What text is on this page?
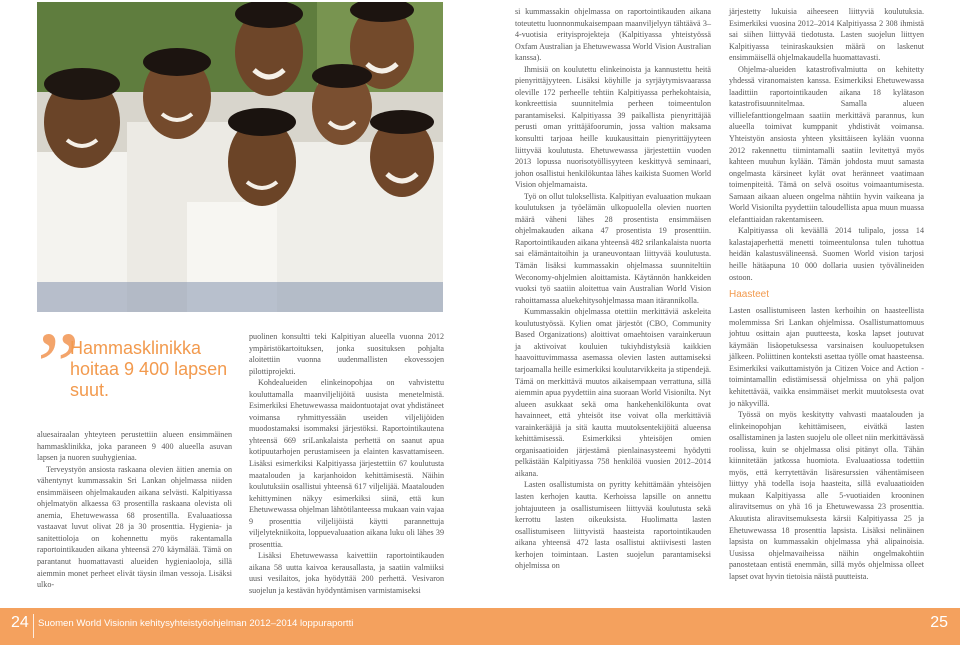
”
Hammasklinikka hoitaa 9 400 lapsen suut.

aluesairaalan yhteyteen perustettiin alueen ensimmäinen hammasklinikka, joka paraneen 9 400 alueella asuvan lapsen ja nuoren suuhygieniaa.

Terveystyön ansiosta raskaana olevien äitien anemia on vähentynyt kummassakin Sri Lankan ohjelmassa niiden ensimmäiseen ohjelmakauden aikana selvästi. Kalpitiyassa ohjelmatyön alkaessa 63 prosentilla raskaana olevista oli anemia, Ehetuwewassa 68 prosentilla. Evaluaatiossa vastaavat luvut olivat 28 ja 30 prosenttia. Hygienia- ja sanitettioloja on kohennettu myös rakentamalla raportointikauden aikana yhteensä 270 käymälää. Tämä on parantanut huomattavasti alueiden hygieniaoloja, sillä aiemmin monet perheet elivät täysin ilman vessoja. Lisäksi ulko-

puolinen konsultti teki Kalpitiyan alueella vuonna 2012 ympäristökartoituksen, jonka suosituksen pohjalta aloitettiin vuonna uudenmallisten ekovessojen pilottiprojekti.

Kohdealueiden elinkeinopohjaa on vahvistettu kouluttamalla maanviljelijöitä uusista menetelmistä. Esimerkiksi Ehetuwewassa maidontuotajat ovat yhdistäneet voimansa ryhmittyessään useiden viljelijöiden muodostamaksi isommaksi järjestöksi. Raportointikautena yhteensä 669 sriLankalaista perhettä on saanut apua kotipuutarhojen perustamiseen ja elainten kasvattamiseen. Lisäksi esimerkiksi Kalpitiyassa järjestettiin 67 koulutusta maatalouden ja karjanhoidon kehittämisestä. Näihin koulutuksiin osallistui yhteensä 617 viljelijää. Maatalouden kehittyminen näkyy esimerkiksi siinä, että kun Ehetuwewassa ohjelman lähtötilanteessa mukaan vain vajaa 9 prosenttia viljelijöistä käytti parannettuja viljelytekniikoita, loppuevaluaation aikana luku oli lähes 39 prosenttia.

Lisäksi Ehetuwewassa kaivettiin raportointikauden aikana 58 uutta kaivoa kerausallasta, ja saatiin valmiiksi uusi vesilaitos, joka hyödyttää 200 perhettä. Vesivaron suojelun ja kestävän hyödyntämisen varmistamiseksi

si kummassakin ohjelmassa on raportointikauden aikana toteutettu luonnonmukaisempaan maanviljelyyn tähtäävä 3–4-vuotisia erityisprojekteja (Kalpitiyassa yhteistyössä Oxfam Australian ja Ehetuwewassa World Vision Australian kanssa).

Ihmisiä on koulutettu elinkeinoista ja kannustettu heitä pienyrittäjyyteen. Lisäksi köyhille ja syrjäytymisvaarassa oleville 172 perheelle tehtiin Kalpitiyassa perhekohtaisia, konkreettisia suunnitelmia perheen toimeentulon parantamiseksi. Kalpitiyassa 39 paikallista pienyrittäjää perusti oman yrittäjäfoorumin, jossa valtion maksama konsultti tarjoaa heille kuukausittain pienyrittäjyyteen liittyvää koulutusta. Ehetuwewassa järjestettiin vuoden 2013 lopussa nuorisotyöllisyyteen keskittyvä seminaari, johon osallistui henkilökuntaa lähes kaikista Suomen World Vision ohjelmamaista.

Työ on ollut tuloksellista. Kalpitiyan evaluaation mukaan koulutuksen ja työelämän ulkopuolella olevien nuorten määrä väheni lähes 28 prosentista ensimmäisen ohjelmakauden aikana 47 prosentista 19 prosenttiin. Raportointikauden aikana yhteensä 482 srilankalaista nuorta sai elämäntaitoihin ja uraneuvontaan liittyvää koulutusta. Tämän lisäksi kummassakin ohjelmassa suunniteltiin Weconomy-ohjelmien aloittamista. Käytännön hankkeiden vuoksi työ saatiin aloitettua vain Australian World Vision rahoittamassa aluekehitysohjelmassa maan itärannikolla.

Kummassakin ohjelmassa otettiin merkittäviä askeleita koulutustyössä. Kylien omat järjestöt (CBO, Community Based Organizations) aloittivat omaehtoisen varainkeruun ja aktivoivat kouluien tukiyhdistyksiä kaikkien haavoittuvimmassa asemassa olevien lasten auttamiseksi tarjoamalla heille esimerkiksi koulutarvikkeita ja stipendejä. Tämä on merkittävä muutos aikaisempaan verrattuna, sillä aiemmin apua pyydettiin aina suoraan World Visionilta. Nyt alueen asukkaat sekä oma hankehenkilökunta ovat havainneet, että yhteisöt itse voivat olla merkittäviä varainkerääjiä ja sitä kautta muutoksentekijöitä alueensa kehittämisessä. Esimerkiksi yhteisöjen omien organisaatioiden järjestämä pienlainasysteemi hyödytti pelkästään Kalpitiyassa 758 henkilöä vuosien 2012–2014 aikana.

Lasten osallistumista on pyritty kehittämään yhteisöjen lasten kerhojen kautta. Kerhoissa lapsille on annettu johtajuuteen ja osallistumiseen liittyvää koulutusta sekä kerrottu lasten oikeuksista. Huolimatta lasten osallistumiseen liittyvistä haasteista raportointikauden aikana yhteensä 472 lasta osallistui aktiivisesti lasten kerhojen toimintaan. Lasten suojelun parantamiseksi ohjelmissa on

järjestetty lukuisia aiheeseen liittyviä koulutuksia. Esimerkiksi vuosina 2012–2014 Kalpitiyassa 2 308 ihmistä sai siihen liittyvää tiedotusta. Lasten suojelun liittyen Kalpitiyassa teiniraskauksien määrä on laskenut ensimmäisellä ohjelmakaudella huomattavasti.

Ohjelma-alueiden katastrofivalmiutta on kehitetty yhdessä viranomaisten kanssa. Esimerkiksi Ehetuwewassa laadittiin raportointikauden aikana 18 kylätason katastrofisuunnitelmaa. Samalla alueen villielefanttiongelmaan saatiin merkittävä parannus, kun alueella toimivat kumppanit yhdistivät voimansa. Yhteistyön ansiosta yhteen yksittäiseen kylään vuonna 2012 rakennettu tiimintamalli saatiin levitettyä myös kahteen muuhun kylään. Tämän johdosta muut samasta ongelmasta kärsineet kylät ovat heränneet vaatimaan toimenpiteitä. Tämä on selvä osoitus voimaantumisesta. Samaan aikaan alueen ongelma nähtiin hyvin vaikeana ja World Visionilta pyydettiin taloudellista apua muun muassa elefanttiaidan rakentamiseen.

Kalpitiyassa oli keväällä 2014 tulipalo, jossa 14 kalastajaperhettä menetti toimeentulonsa tulen tuhottua heidän kalastusvälineensä. Suomen World vision tarjosi heille hätäapuna 10 000 dollaria uusien työvälineiden ostoon.

Haasteet

Lasten osallistumiseen lasten kerhoihin on haasteellista molemmissa Sri Lankan ohjelmissa. Osallistumattomuus johtuu osittain ajan puutteesta, koska lapset joutuvat käymään lisäopetuksessa varsinaisen kouluopetuksen jälkeen. Poliittinen konteksti asettaa työlle omat haasteensa. Esimerkiksi vaikuttamistyön ja Citizen Voice and Action -toimintamallin edistämisessä ohjelmissa on yhä paljon kehitettävää, vaikka ensimmäiset merkit muutoksesta ovat jo näkyvillä.

Työssä on myös keskitytty vahvasti maatalouden ja elinkeinopohjan kehittämiseen, eivätkä lasten osallistaminen ja lasten suojelu ole olleet niin merkittävässä roolissa, kuin se ohjelmassa olisi pitänyt olla. Tähän kiinnitetään jatkossa huomiota. Evaluaatiossa todettiin myös, että kerrytettävän lisäresurssien vähentämiseen liittyy yhä todella isoja haasteita, sillä evaluaatioiden mukaan Kalpitiyassa alle 5-vuotiaiden krooninen aliravitsemus on yhä 16 ja Ehetuwewassa 23 prosenttia. Akuutista aliravitsemuksesta kärsii Kalpitiyassa 25 ja Ehetuwewassa 18 prosenttia lapsista. Lisäksi nelinäinen lapsista on kummassakin ohjelmassa yhä alipainoisia. Uusissa ohjelmavaiheissa näihin ongelmakohtiin panostetaan entistä enemmän, sillä myös ohjelmissa olleet lapset ovat hyvin tietoisia näistä puutteista.

24 Suomen World Visionin kehitysyhteistyöohjelman 2012–2014 loppuraportti	25
